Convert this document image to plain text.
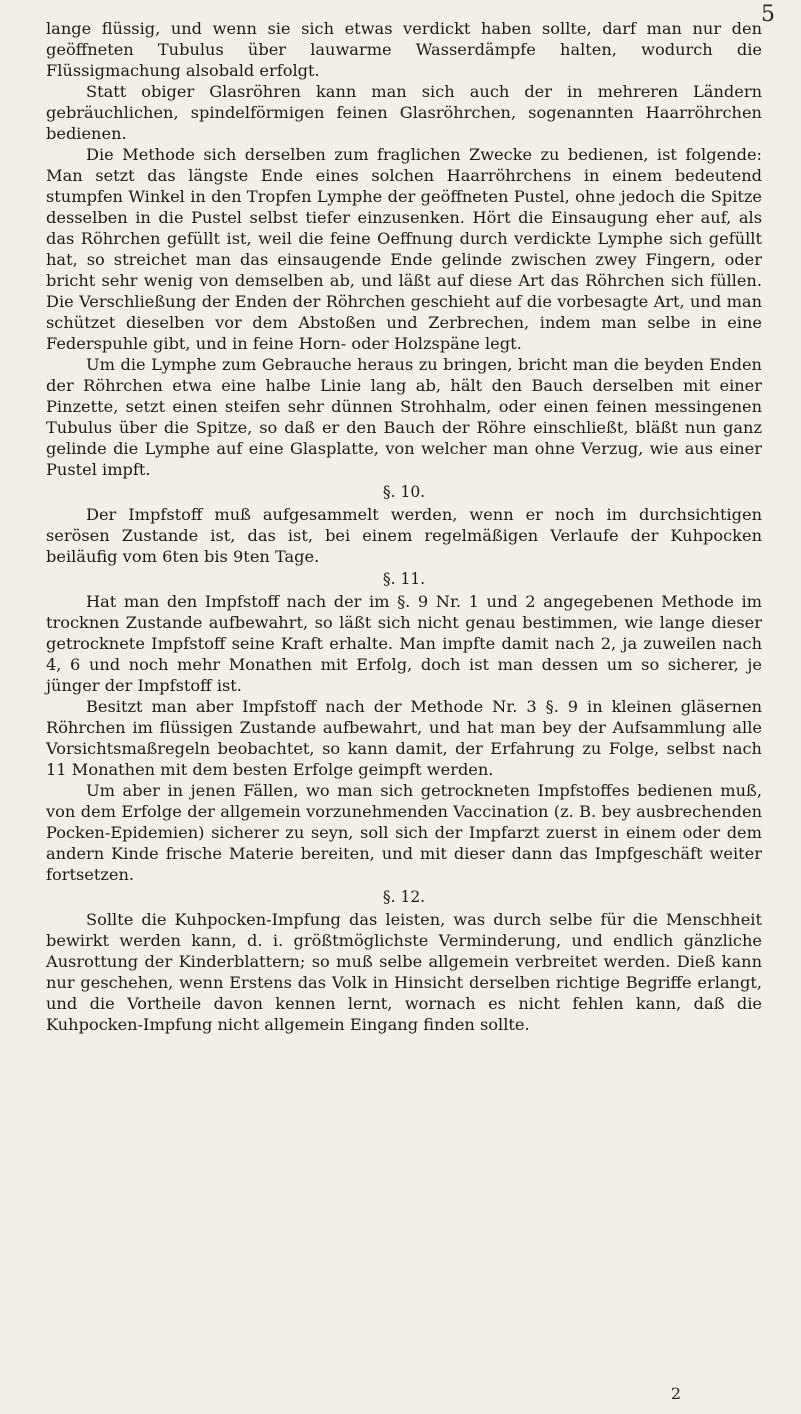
5

lange flüssig, und wenn sie sich etwas verdickt haben sollte, darf man nur den geöffneten Tubulus über lauwarme Wasserdämpfe halten, wodurch die Flüssigmachung alsobald erfolgt.

Statt obiger Glasröhren kann man sich auch der in mehreren Ländern gebräuchlichen, spindelförmigen feinen Glasröhrchen, sogenannten Haarröhrchen bedienen.

Die Methode sich derselben zum fraglichen Zwecke zu bedienen, ist folgende: Man setzt das längste Ende eines solchen Haarröhrchens in einem bedeutend stumpfen Winkel in den Tropfen Lymphe der geöffneten Pustel, ohne jedoch die Spitze desselben in die Pustel selbst tiefer einzusenken. Hört die Einsaugung eher auf, als das Röhrchen gefüllt ist, weil die feine Oeffnung durch verdickte Lymphe sich gefüllt hat, so streichet man das einsaugende Ende gelinde zwischen zwey Fingern, oder bricht sehr wenig von demselben ab, und läßt auf diese Art das Röhrchen sich füllen. Die Verschließung der Enden der Röhrchen geschieht auf die vorbesagte Art, und man schützet dieselben vor dem Abstoßen und Zerbrechen, indem man selbe in eine Federspuhle gibt, und in feine Horn- oder Holzspäne legt.

Um die Lymphe zum Gebrauche heraus zu bringen, bricht man die beyden Enden der Röhrchen etwa eine halbe Linie lang ab, hält den Bauch derselben mit einer Pinzette, setzt einen steifen sehr dünnen Strohhalm, oder einen feinen messingenen Tubulus über die Spitze, so daß er den Bauch der Röhre einschließt, bläßt nun ganz gelinde die Lymphe auf eine Glasplatte, von welcher man ohne Verzug, wie aus einer Pustel impft.

§. 10.

Der Impfstoff muß aufgesammelt werden, wenn er noch im durchsichtigen serösen Zustande ist, das ist, bei einem regelmäßigen Verlaufe der Kuhpocken beiläufig vom 6ten bis 9ten Tage.

§. 11.

Hat man den Impfstoff nach der im §. 9 Nr. 1 und 2 angegebenen Methode im trocknen Zustande aufbewahrt, so läßt sich nicht genau bestimmen, wie lange dieser getrocknete Impfstoff seine Kraft erhalte. Man impfte damit nach 2, ja zuweilen nach 4, 6 und noch mehr Monathen mit Erfolg, doch ist man dessen um so sicherer, je jünger der Impfstoff ist.

Besitzt man aber Impfstoff nach der Methode Nr. 3 §. 9 in kleinen gläsernen Röhrchen im flüssigen Zustande aufbewahrt, und hat man bey der Aufsammlung alle Vorsichtsmaßregeln beobachtet, so kann damit, der Erfahrung zu Folge, selbst nach 11 Monathen mit dem besten Erfolge geimpft werden.

Um aber in jenen Fällen, wo man sich getrockneten Impfstoffes bedienen muß, von dem Erfolge der allgemein vorzunehmenden Vaccination (z. B. bey ausbrechenden Pocken-Epidemien) sicherer zu seyn, soll sich der Impfarzt zuerst in einem oder dem andern Kinde frische Materie bereiten, und mit dieser dann das Impfgeschäft weiter fortsetzen.

§. 12.

Sollte die Kuhpocken-Impfung das leisten, was durch selbe für die Menschheit bewirkt werden kann, d. i. größtmöglichste Verminderung, und endlich gänzliche Ausrottung der Kinderblattern; so muß selbe allgemein verbreitet werden. Dieß kann nur geschehen, wenn Erstens das Volk in Hinsicht derselben richtige Begriffe erlangt, und die Vortheile davon kennen lernt, wornach es nicht fehlen kann, daß die Kuhpocken-Impfung nicht allgemein Eingang finden sollte.

2
